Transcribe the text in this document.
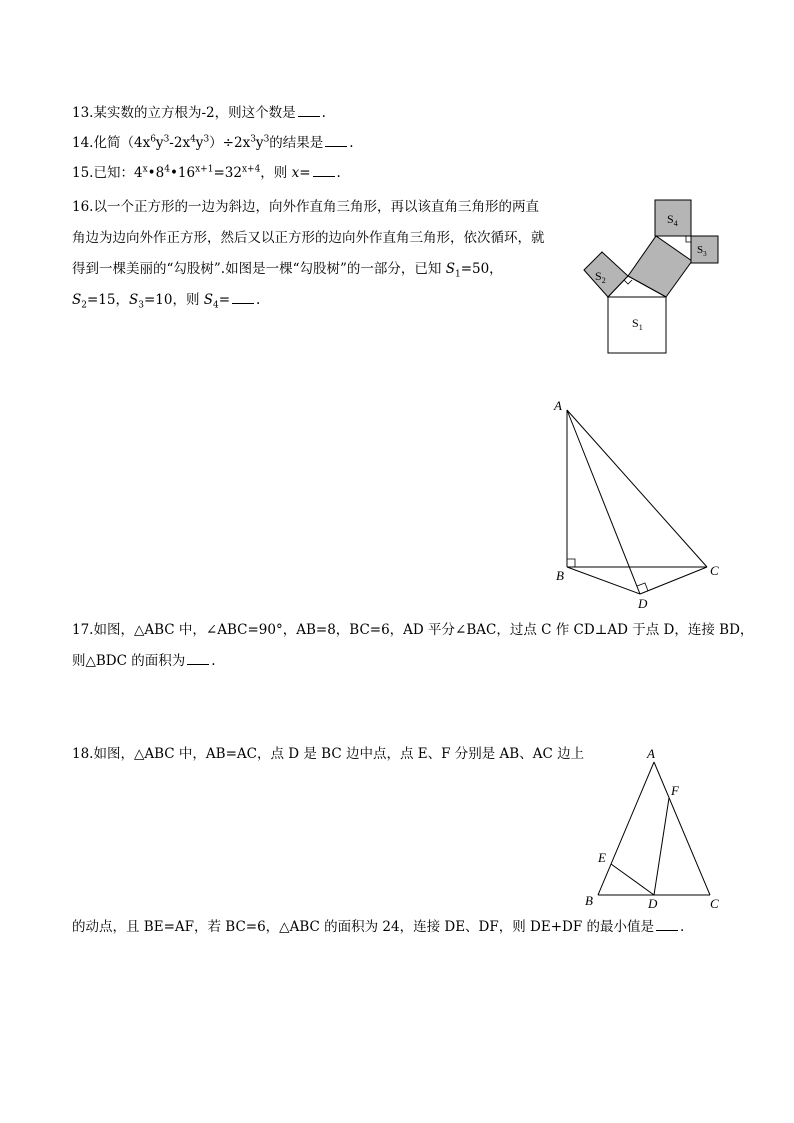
13.某实数的立方根为-2，则这个数是 .
14.化简$(4x^6y^3-2x^4y^3)\div 2x^3y^3$的结果是 .
15.已知：$4^x•8^4•16^{x+1}=32^{x+4}$，则 x= .
16.以一个正方形的一边为斜边，向外作直角三角形，再以该直角三角形的两直
角边为边向外作正方形，然后又以正方形的边向外作直角三角形，依次循环，就
得到一棵美丽的“勾股树”.如图是一棵“勾股树”的一部分，已知 $S_1=50$，
$S_2=15$，$S_3=10$，则 $S_4=$ .
$S_1$
$S_2$
$S_3$
$S_4$
A
B	C
D
A
B	C
D
E
F
17.如图，△ABC 中，∠ABC=90°，AB=8，BC=6，AD 平分∠BAC，过点 C 作 CD⊥AD 于点 D，连接 BD，
则△BDC 的面积为 .
18.如图，△ABC 中，AB=AC，点 D 是 BC 边中点，点 E、F 分别是 AB、AC 边上
的动点，且 BE=AF，若 BC=6，△ABC 的面积为 24，连接 DE、DF，则 DE+DF 的最小值是 .
